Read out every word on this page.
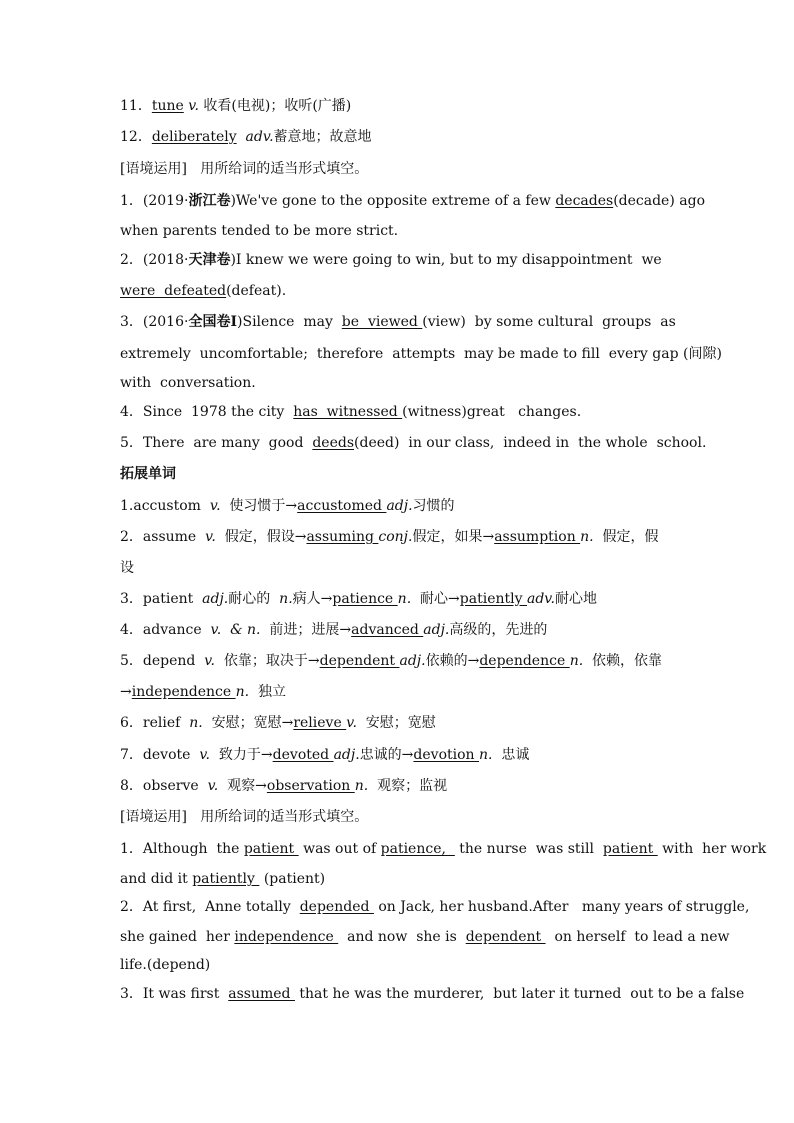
11．tune v. 收看(电视)；收听(广播)
12．deliberately adv.蓄意地；故意地
[语境运用] 用所给词的适当形式填空。
1．(2019·浙江卷)We've gone to the opposite extreme of a few decades(decade) ago
when parents tended to be more strict.
2．(2018·天津卷)I knew we were going to win, but to my disappointment  we
were  defeated(defeat).
3．(2016·全国卷Ⅰ)Silence  may  be  viewed (view)  by some cultural  groups  as
extremely  uncomfortable;  therefore  attempts  may be made to fill  every gap (间隙)
with  conversation.
4．Since  1978 the city  has  witnessed (witness)great   changes.
5．There  are many  good  deeds(deed)  in our class,  indeed in  the whole  school.
拓展单词
1.accustom  v.  使习惯于→accustomed adj.习惯的
2．assume  v.  假定，假设→assuming conj.假定，如果→assumption n.  假定，假
设
3．patient  adj.耐心的  n.病人→patience n.  耐心→patiently adv.耐心地
4．advance  v.  & n.  前进；进展→advanced adj.高级的，先进的
5．depend  v.  依靠；取决于→dependent adj.依赖的→dependence n.  依赖，依靠
→independence n.  独立
6．relief  n.  安慰；宽慰→relieve v.  安慰；宽慰
7．devote  v.  致力于→devoted adj.忠诚的→devotion n.  忠诚
8．observe  v.  观察→observation n.  观察；监视
[语境运用] 用所给词的适当形式填空。
1．Although  the patient  was out of patience,   the nurse  was still  patient  with  her work
and did it patiently  (patient)
2．At first,  Anne totally  depended  on Jack, her husband.After   many years of struggle,
she gained  her independence   and now  she is  dependent   on herself  to lead a new
life.(depend)
3．It was first  assumed  that he was the murderer,  but later it turned  out to be a false
